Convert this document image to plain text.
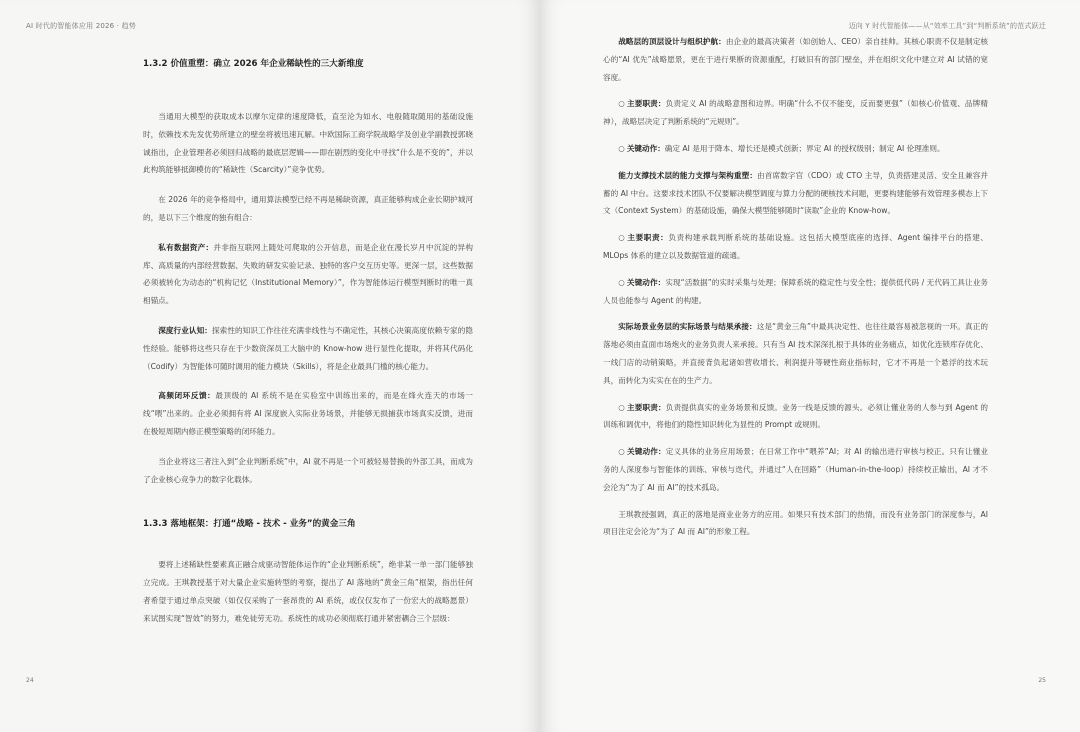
AI 时代的智能体应用 2026 · 趋势
1.3.2 价值重塑：确立 2026 年企业稀缺性的三大新维度

当通用大模型的获取成本以摩尔定律的速度降低，直至沦为如水、电般随取随用的基础设施时，依赖技术先发优势所建立的壁垒将被迅速瓦解。中欧国际工商学院战略学及创业学副教授郭晓诚指出，企业管理者必须回归战略的最底层逻辑——即在剧烈的变化中寻找“什么是不变的”，并以此构筑能够抵御模仿的“稀缺性（Scarcity）”竞争优势。

在 2026 年的竞争格局中，通用算法模型已经不再是稀缺资源，真正能够构成企业长期护城河的，是以下三个维度的独有组合：

私有数据资产：并非指互联网上随处可爬取的公开信息，而是企业在漫长岁月中沉淀的异构库、高质量的内部经营数据、失败的研发实验记录、独特的客户交互历史等。更深一层，这些数据必须被转化为动态的“机构记忆（Institutional Memory）”，作为智能体运行模型判断时的唯一真相锚点。

深度行业认知：探索性的知识工作往往充满非线性与不确定性，其核心决策高度依赖专家的隐性经验。能够将这些只存在于少数资深员工大脑中的 Know-how 进行显性化提取，并将其代码化（Codify）为智能体可随时调用的能力模块（Skills），将是企业最具门槛的核心能力。

高频闭环反馈：最顶级的 AI 系统不是在实验室中训练出来的，而是在烽火连天的市场一线“喂”出来的。企业必须拥有将 AI 深度嵌入实际业务场景，并能够无损捕获市场真实反馈，进而在极短周期内修正模型策略的闭环能力。

当企业将这三者注入到“企业判断系统”中，AI 就不再是一个可被轻易替换的外部工具，而成为了企业核心竞争力的数字化载体。

1.3.3 落地框架：打通“战略 - 技术 - 业务”的黄金三角

要将上述稀缺性要素真正融合成驱动智能体运作的“企业判断系统”，绝非某一单一部门能够独立完成。王琪教授基于对大量企业实施转型的考察，提出了 AI 落地的“黄金三角”框架，指出任何者希望于通过单点突破（如仅仅采购了一套昂贵的 AI 系统，或仅仅发布了一份宏大的战略愿景）来试图实现“智效”的努力，难免徒劳无功。系统性的成功必须彻底打通并紧密耦合三个层级：

24
迈向 Y 时代智能体——从“效率工具”到“判断系统”的范式跃迁

战略层的顶层设计与组织护航：由企业的最高决策者（如创始人、CEO）亲自挂帅。其核心职责不仅是制定核心的“AI 优先”战略愿景，更在于进行果断的资源重配，打破旧有的部门壁垒，并在组织文化中建立对 AI 试错的宽容度。

○ 主要职责：负责定义 AI 的战略意图和边界。明确“什么不仅不能变，反而要更强”（如核心价值观、品牌精神），战略层决定了判断系统的“元规则”。

○ 关键动作：确定 AI 是用于降本、增长还是模式创新；界定 AI 的授权级别；制定 AI 伦理准则。

能力支撑技术层的能力支撑与架构重塑：由首席数字官（CDO）或 CTO 主导，负责搭建灵活、安全且兼容并蓄的 AI 中台。这要求技术团队不仅要解决模型调度与算力分配的硬核技术问题，更要构建能够有效管理多模态上下文（Context System）的基础设施，确保大模型能够随时“读取”企业的 Know-how。

○ 主要职责：负责构建承载判断系统的基础设施。这包括大模型底座的选择、Agent 编排平台的搭建、MLOps 体系的建立以及数据管道的疏通。

○ 关键动作：实现“活数据”的实时采集与处理；保障系统的稳定性与安全性；提供低代码 / 无代码工具让业务人员也能参与 Agent 的构建。

实际场景业务层的实际场景与结果承接：这是“黄金三角”中最具决定性、也往往最容易被忽视的一环。真正的落地必须由直面市场炮火的业务负责人来承接。只有当 AI 技术深深扎根于具体的业务痛点，如优化连锁库存优化、一线门店的动销策略，并直接背负起诸如营收增长、利润提升等硬性商业指标时，它才不再是一个悬浮的技术玩具，而转化为实实在在的生产力。

○ 主要职责：负责提供真实的业务场景和反馈。业务一线是反馈的源头。必须让懂业务的人参与到 Agent 的训练和调优中，将他们的隐性知识转化为显性的 Prompt 或规则。

○ 关键动作：定义具体的业务应用场景；在日常工作中“喂养”AI；对 AI 的输出进行审核与校正。只有让懂业务的人深度参与智能体的训练、审核与迭代，并通过“人在回路”（Human-in-the-loop）持续校正输出，AI 才不会沦为“为了 AI 而 AI”的技术孤岛。

王琪教授强调，真正的落地是商业业务方的应用。如果只有技术部门的热情，而没有业务部门的深度参与，AI 项目注定会沦为“为了 AI 而 AI”的形象工程。

25
